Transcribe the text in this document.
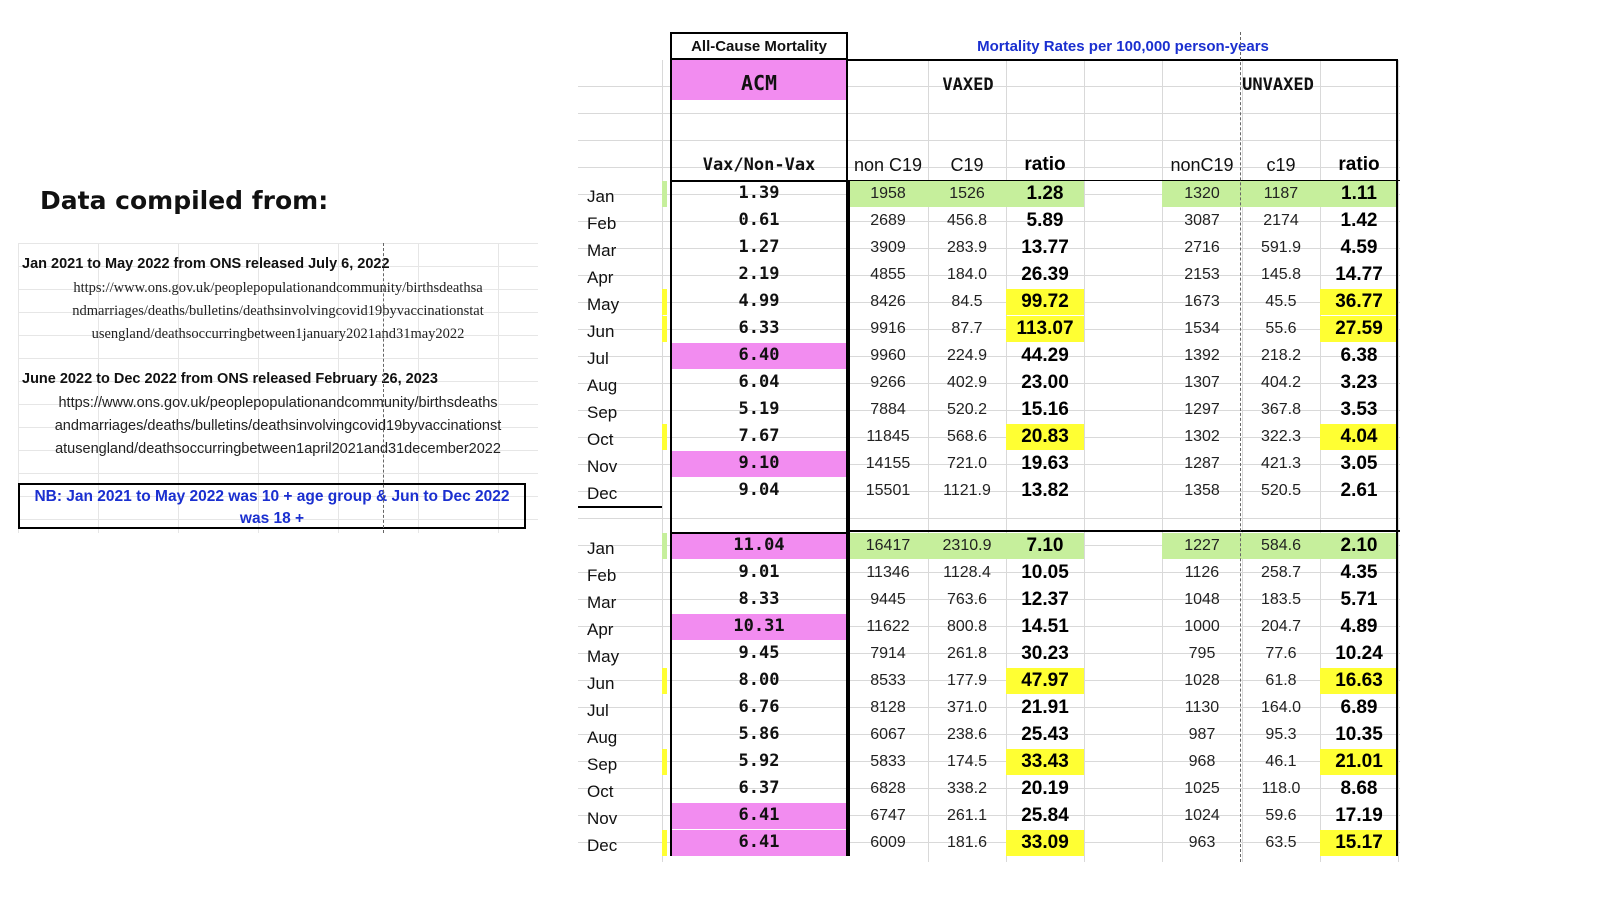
Data compiled from:
Jan 2021 to May 2022 from ONS released July 6, 2022
https://www.ons.gov.uk/peoplepopulationandcommunity/birthsdeathsa
ndmarriages/deaths/bulletins/deathsinvolvingcovid19byvaccinationstat
usengland/deathsoccurringbetween1january2021and31may2022
June 2022 to Dec 2022 from ONS released February 26, 2023
https://www.ons.gov.uk/peoplepopulationandcommunity/birthsdeaths
andmarriages/deaths/bulletins/deathsinvolvingcovid19byvaccinationst
atusengland/deathsoccurringbetween1april2021and31december2022
NB: Jan 2021 to May 2022 was 10 + age group & Jun to Dec 2022
was 18 +
All-Cause Mortality	Mortality Rates per 100,000 person-years
ACM	VAXED	UNVAXED
Vax/Non-Vax	non C19	C19	ratio	nonC19	c19	ratio
Jan	1.39	1958	1526	1.28	1320	1187	1.11
Feb	0.61	2689	456.8	5.89	3087	2174	1.42
Mar	1.27	3909	283.9	13.77	2716	591.9	4.59
Apr	2.19	4855	184.0	26.39	2153	145.8	14.77
May	4.99	8426	84.5	99.72	1673	45.5	36.77
Jun	6.33	9916	87.7	113.07	1534	55.6	27.59
Jul	6.40	9960	224.9	44.29	1392	218.2	6.38
Aug	6.04	9266	402.9	23.00	1307	404.2	3.23
Sep	5.19	7884	520.2	15.16	1297	367.8	3.53
Oct	7.67	11845	568.6	20.83	1302	322.3	4.04
Nov	9.10	14155	721.0	19.63	1287	421.3	3.05
Dec	9.04	15501	1121.9	13.82	1358	520.5	2.61
Jan	11.04	16417	2310.9	7.10	1227	584.6	2.10
Feb	9.01	11346	1128.4	10.05	1126	258.7	4.35
Mar	8.33	9445	763.6	12.37	1048	183.5	5.71
Apr	10.31	11622	800.8	14.51	1000	204.7	4.89
May	9.45	7914	261.8	30.23	795	77.6	10.24
Jun	8.00	8533	177.9	47.97	1028	61.8	16.63
Jul	6.76	8128	371.0	21.91	1130	164.0	6.89
Aug	5.86	6067	238.6	25.43	987	95.3	10.35
Sep	5.92	5833	174.5	33.43	968	46.1	21.01
Oct	6.37	6828	338.2	20.19	1025	118.0	8.68
Nov	6.41	6747	261.1	25.84	1024	59.6	17.19
Dec	6.41	6009	181.6	33.09	963	63.5	15.17
